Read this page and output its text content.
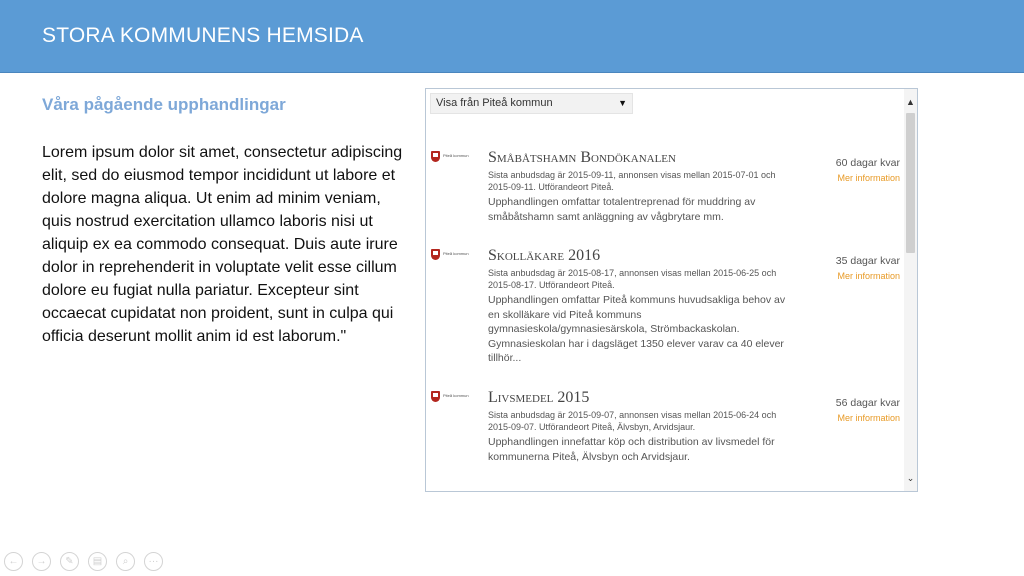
STORA KOMMUNENS HEMSIDA
Våra pågående upphandlingar
Lorem ipsum dolor sit amet, consectetur adipiscing elit, sed do eiusmod tempor incididunt ut labore et dolore magna aliqua. Ut enim ad minim veniam, quis nostrud exercitation ullamco laboris nisi ut aliquip ex ea commodo consequat. Duis aute irure dolor in reprehenderit in voluptate velit esse cillum dolore eu fugiat nulla pariatur. Excepteur sint occaecat cupidatat non proident, sunt in culpa qui officia deserunt mollit anim id est laborum."
Visa från Piteå kommun	▼
Piteå kommun Småbåtshamn Bondökanalen
Sista anbudsdag är 2015-09-11, annonsen visas mellan 2015-07-01 och 2015-09-11. Utförandeort Piteå.
Upphandlingen omfattar totalentreprenad för muddring av småbåtshamn samt anläggning av vågbrytare mm.
60 dagar kvar
Mer information
Piteå kommun Skolläkare 2016
Sista anbudsdag är 2015-08-17, annonsen visas mellan 2015-06-25 och 2015-08-17. Utförandeort Piteå.
Upphandlingen omfattar Piteå kommuns huvudsakliga behov av en skolläkare vid Piteå kommuns gymnasieskola/gymnasiesärskola, Strömbackaskolan. Gymnasieskolan har i dagsläget 1350 elever varav ca 40 elever tillhör...
35 dagar kvar
Mer information
Piteå kommun Livsmedel 2015
Sista anbudsdag är 2015-09-07, annonsen visas mellan 2015-06-24 och 2015-09-07. Utförandeort Piteå, Älvsbyn, Arvidsjaur.
Upphandlingen innefattar köp och distribution av livsmedel för kommunerna Piteå, Älvsbyn och Arvidsjaur.
56 dagar kvar
Mer information
▲
⌄
←	→	✎	▤	⌕	···
